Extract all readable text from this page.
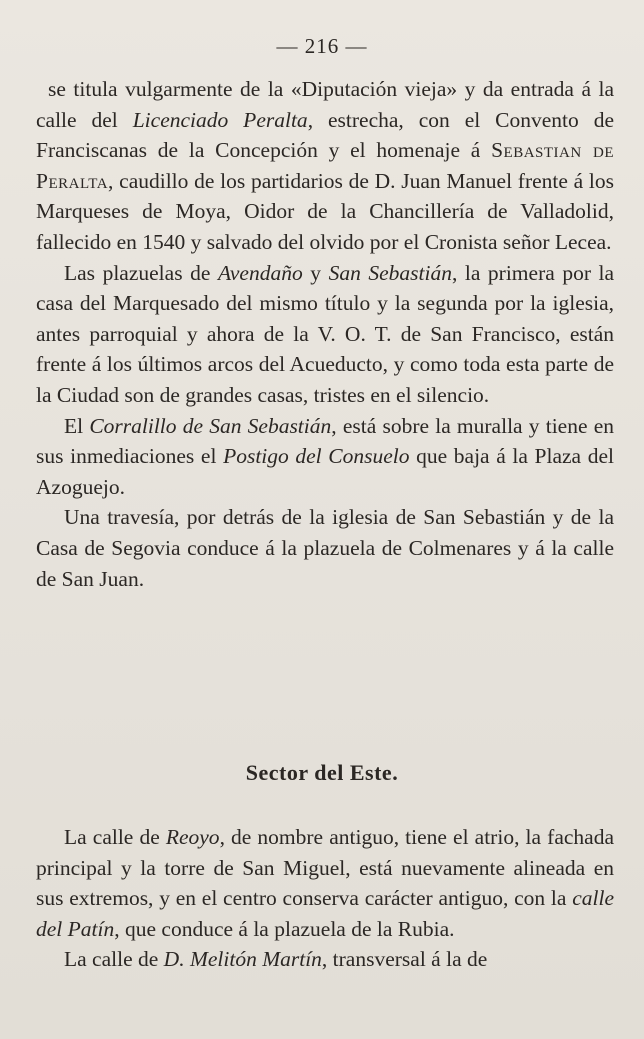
— 216 —

se titula vulgarmente de la «Diputación vieja» y da entrada á la calle del Licenciado Peralta, estrecha, con el Convento de Franciscanas de la Concepción y el homenaje á Sebastian de Peralta, caudillo de los partidarios de D. Juan Manuel frente á los Marqueses de Moya, Oidor de la Chancillería de Valladolid, fallecido en 1540 y salvado del olvido por el Cronista señor Lecea.

Las plazuelas de Avendaño y San Sebastián, la primera por la casa del Marquesado del mismo título y la segunda por la iglesia, antes parroquial y ahora de la V. O. T. de San Francisco, están frente á los últimos arcos del Acueducto, y como toda esta parte de la Ciudad son de grandes casas, tristes en el silencio.

El Corralillo de San Sebastián, está sobre la muralla y tiene en sus inmediaciones el Postigo del Consuelo que baja á la Plaza del Azoguejo.

Una travesía, por detrás de la iglesia de San Sebastián y de la Casa de Segovia conduce á la plazuela de Colmenares y á la calle de San Juan.

Sector del Este.

La calle de Reoyo, de nombre antiguo, tiene el atrio, la fachada principal y la torre de San Miguel, está nuevamente alineada en sus extremos, y en el centro conserva carácter antiguo, con la calle del Patín, que conduce á la plazuela de la Rubia.

La calle de D. Melitón Martín, transversal á la de
